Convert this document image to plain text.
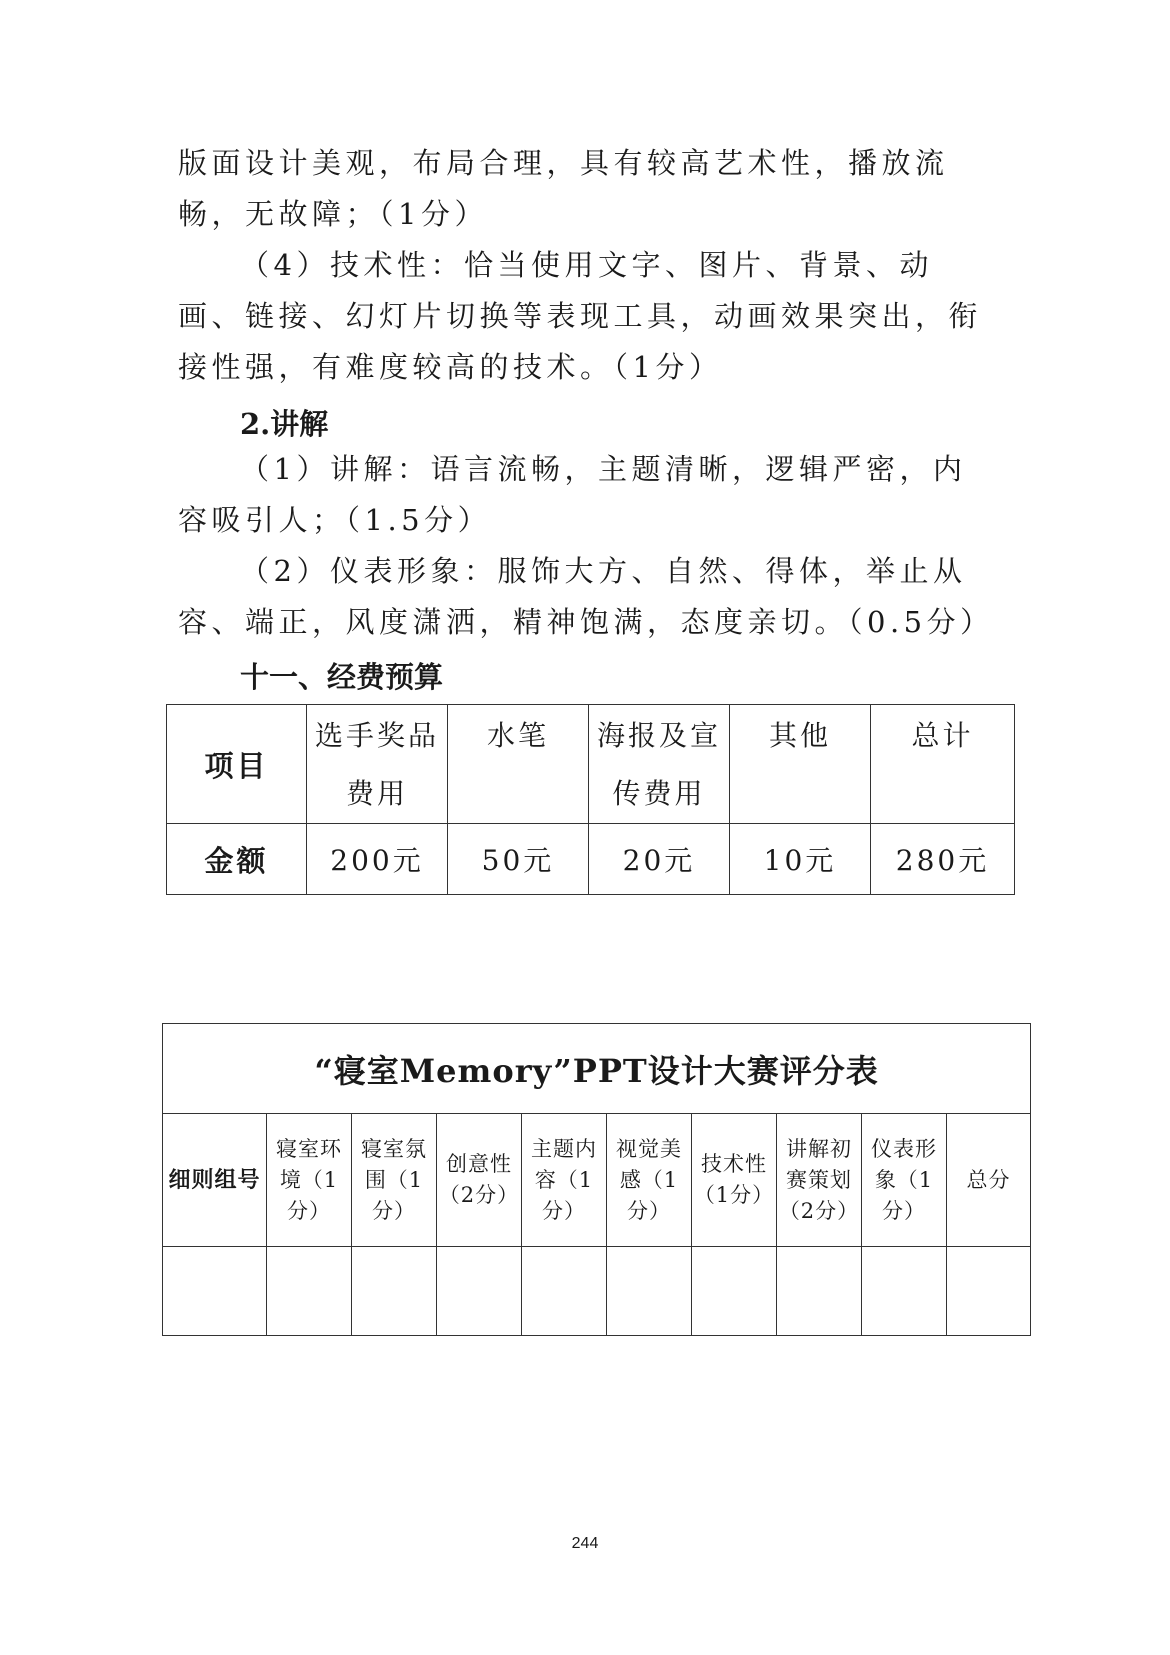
版面设计美观，布局合理，具有较高艺术性，播放流畅，无故障；（1分）

（4）技术性：恰当使用文字、图片、背景、动画、链接、幻灯片切换等表现工具，动画效果突出，衔接性强，有难度较高的技术。（1分）

2.讲解

（1）讲解：语言流畅，主题清晰，逻辑严密，内容吸引人；（1.5分）

（2）仪表形象：服饰大方、自然、得体，举止从容、端正，风度潇洒，精神饱满，态度亲切。（0.5分）

十一、经费预算

项目	选手奖品费用	水笔	海报及宣传费用	其他	总计

金额	200元	50元	20元	10元	280元
“寝室Memory”PPT设计大赛评分表									
细则组号	寝室环境（1分）	寝室氛围（1分）	创意性（2分）	主题内容（1分）	视觉美感（1分）	技术性（1分）	讲解初赛策划（2分）	仪表形象（1分）	总分

244
